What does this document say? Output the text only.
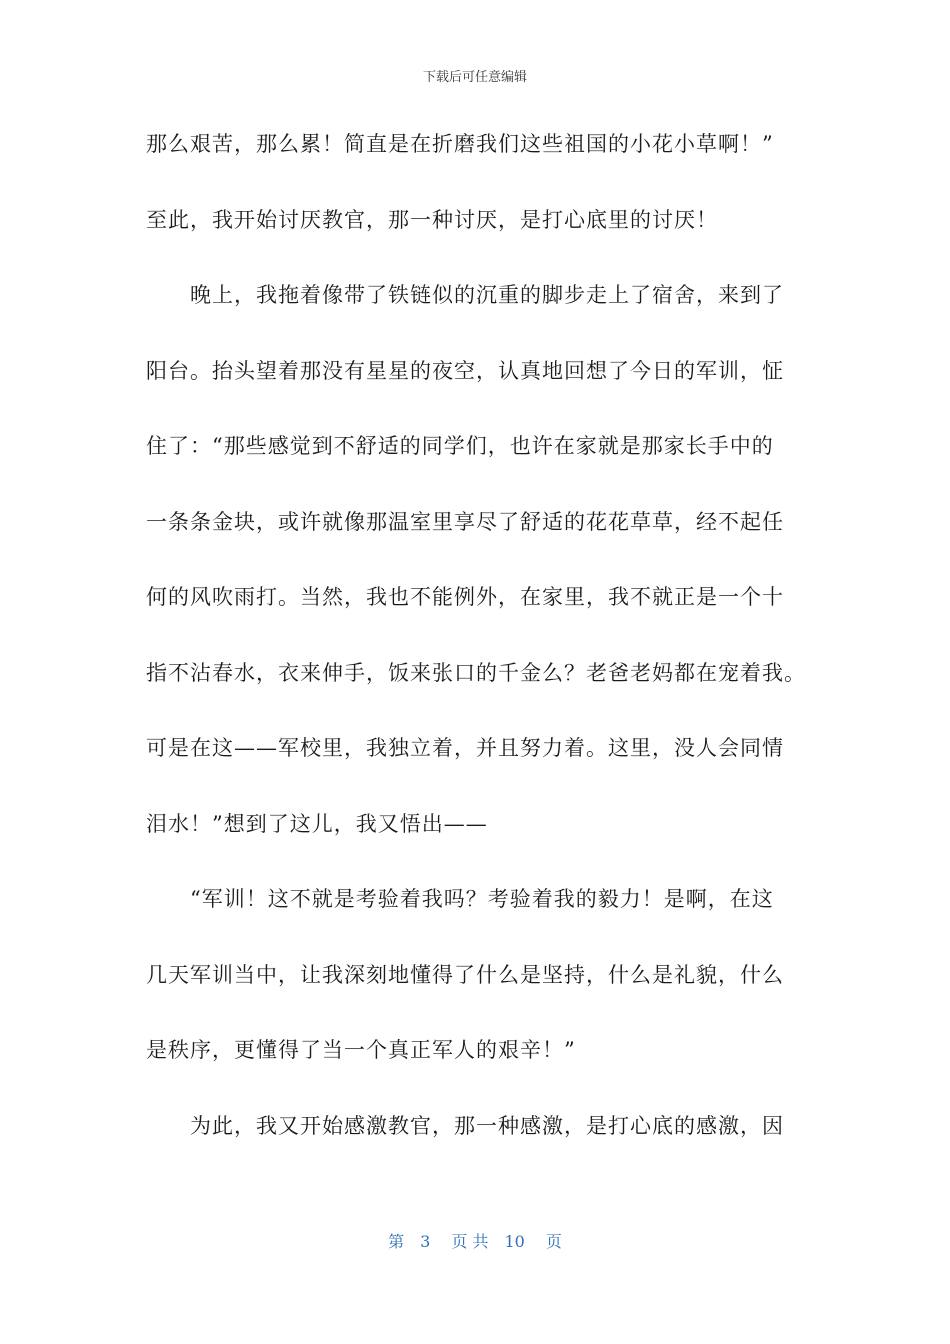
下载后可任意编辑
那么艰苦，那么累！简直是在折磨我们这些祖国的小花小草啊！”
至此，我开始讨厌教官，那一种讨厌，是打心底里的讨厌！
　　晚上，我拖着像带了铁链似的沉重的脚步走上了宿舍，来到了
阳台。抬头望着那没有星星的夜空，认真地回想了今日的军训，怔
住了：“那些感觉到不舒适的同学们，也许在家就是那家长手中的
一条条金块，或许就像那温室里享尽了舒适的花花草草，经不起任
何的风吹雨打。当然，我也不能例外，在家里，我不就正是一个十
指不沾春水，衣来伸手，饭来张口的千金么？老爸老妈都在宠着我。
可是在这——军校里，我独立着，并且努力着。这里，没人会同情
泪水！”想到了这儿，我又悟出——
　　“军训！这不就是考验着我吗？考验着我的毅力！是啊，在这
几天军训当中，让我深刻地懂得了什么是坚持，什么是礼貌，什么
是秩序，更懂得了当一个真正军人的艰辛！”
　　为此，我又开始感激教官，那一种感激，是打心底的感激，因
第　3　 页 共　10　 页
